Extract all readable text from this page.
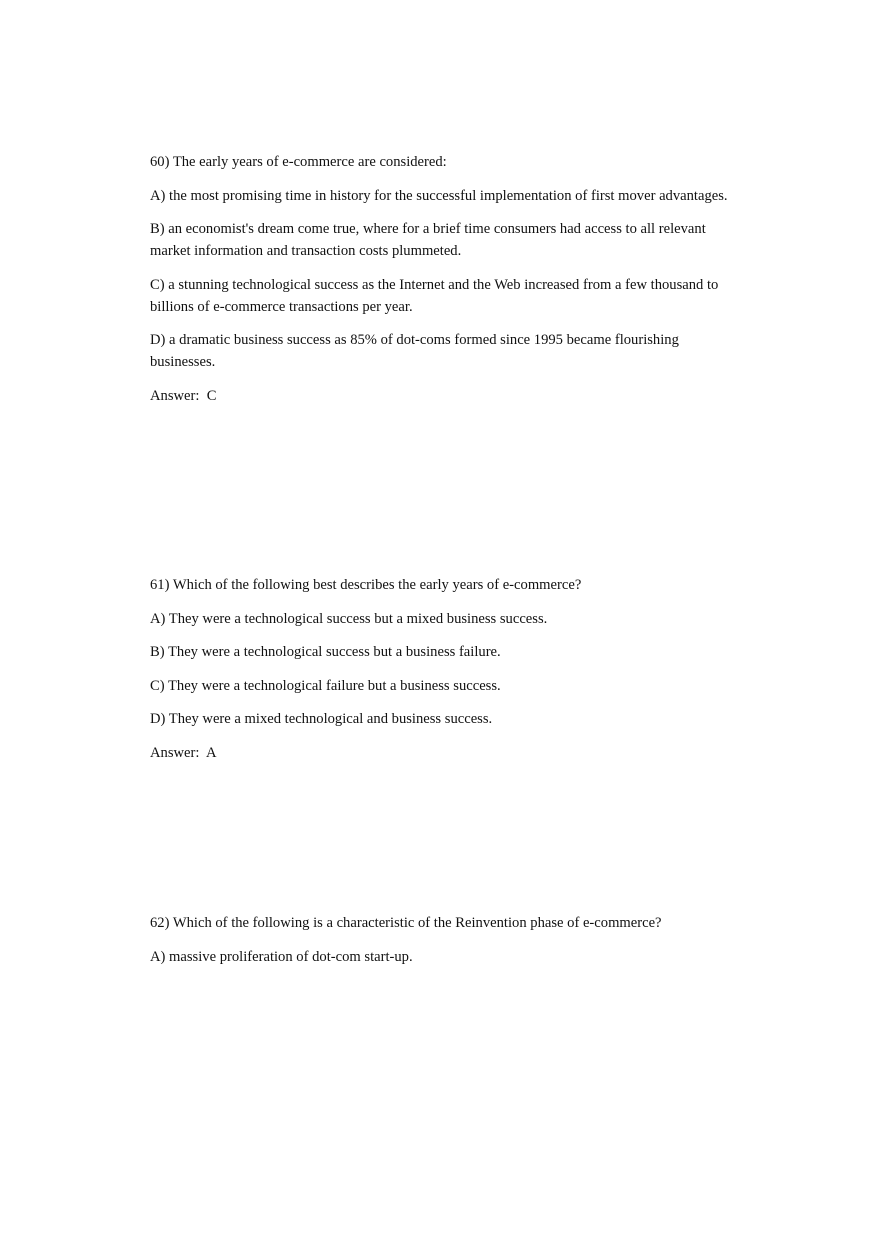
60) The early years of e-commerce are considered:

A) the most promising time in history for the successful implementation of first mover advantages.

B) an economist's dream come true, where for a brief time consumers had access to all relevant market information and transaction costs plummeted.

C) a stunning technological success as the Internet and the Web increased from a few thousand to billions of e-commerce transactions per year.

D) a dramatic business success as 85% of dot-coms formed since 1995 became flourishing businesses.

Answer: C

61) Which of the following best describes the early years of e-commerce?

A) They were a technological success but a mixed business success.

B) They were a technological success but a business failure.

C) They were a technological failure but a business success.

D) They were a mixed technological and business success.

Answer: A

62) Which of the following is a characteristic of the Reinvention phase of e-commerce?

A) massive proliferation of dot-com start-up.
